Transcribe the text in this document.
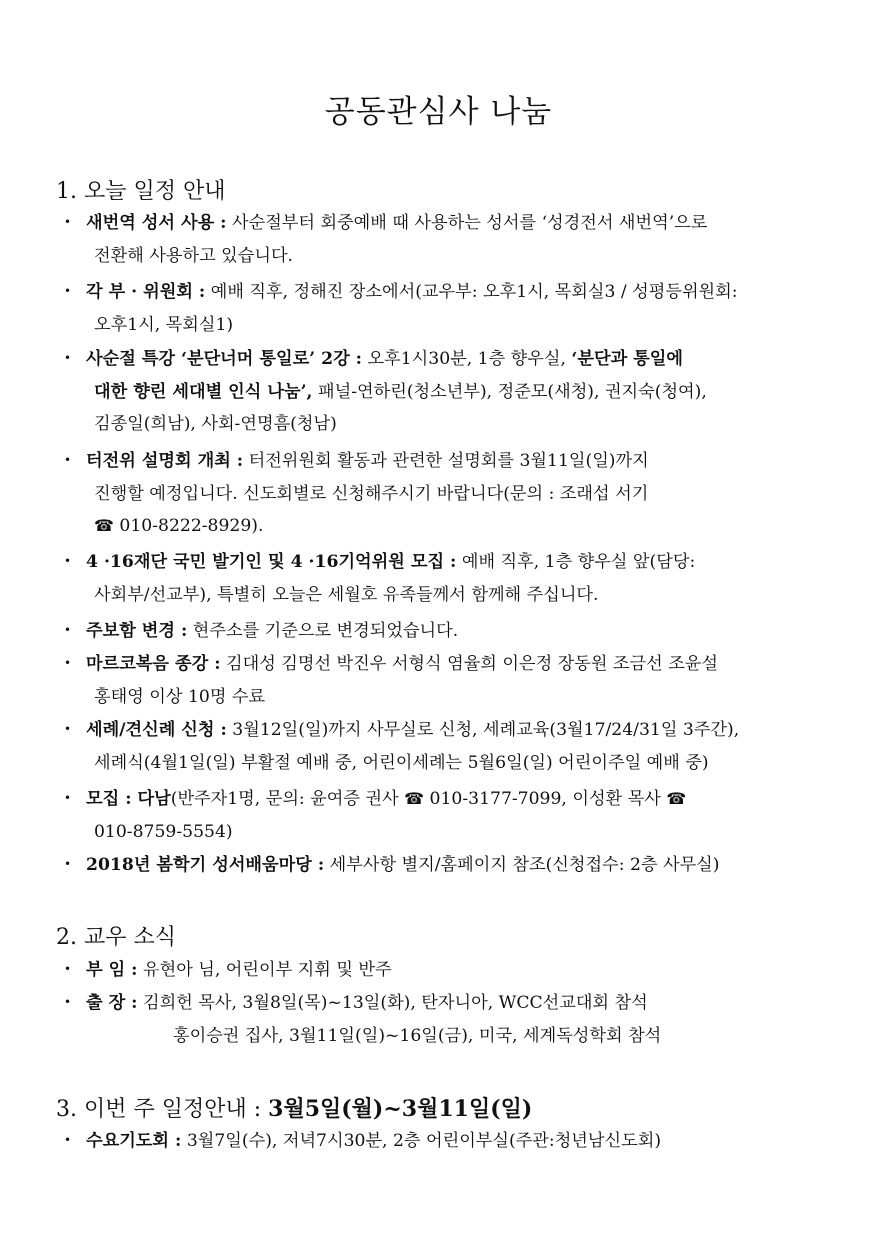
공동관심사 나눔
1. 오늘 일정 안내
• 새번역 성서 사용 : 사순절부터 회중예배 때 사용하는 성서를 ‘성경전서 새번역’으로
전환해 사용하고 있습니다.
• 각 부 · 위원회 : 예배 직후, 정해진 장소에서(교우부: 오후1시, 목회실3 / 성평등위원회:
오후1시, 목회실1)
• 사순절 특강 ‘분단너머 통일로’ 2강 : 오후1시30분, 1층 향우실, ‘분단과 통일에
대한 향린 세대별 인식 나눔’, 패널-연하린(청소년부), 정준모(새청), 권지숙(청여),
김종일(희남), 사회-연명흠(청남)
• 터전위 설명회 개최 : 터전위원회 활동과 관련한 설명회를 3월11일(일)까지
진행할 예정입니다. 신도회별로 신청해주시기 바랍니다(문의 : 조래섭 서기
☎ 010-8222-8929).
• 4 ·16재단 국민 발기인 및 4 ·16기억위원 모집 : 예배 직후, 1층 향우실 앞(담당:
사회부/선교부), 특별히 오늘은 세월호 유족들께서 함께해 주십니다.
• 주보함 변경 : 현주소를 기준으로 변경되었습니다.
• 마르코복음 종강 : 김대성 김명선 박진우 서형식 염율희 이은정 장동원 조금선 조윤설
홍태영 이상 10명 수료
• 세례/견신례 신청 : 3월12일(일)까지 사무실로 신청, 세례교육(3월17/24/31일 3주간),
세례식(4월1일(일) 부활절 예배 중, 어린이세례는 5월6일(일) 어린이주일 예배 중)
• 모집 : 다남(반주자1명, 문의: 윤여증 권사 ☎ 010-3177-7099, 이성환 목사 ☎
010-8759-5554)
• 2018년 봄학기 성서배움마당 : 세부사항 별지/홈페이지 참조(신청접수: 2층 사무실)
2. 교우 소식
• 부 임 : 유현아 님, 어린이부 지휘 및 반주
• 출 장 : 김희헌 목사, 3월8일(목)~13일(화), 탄자니아, WCC선교대회 참석
홍이승권 집사, 3월11일(일)~16일(금), 미국, 세계독성학회 참석
3. 이번 주 일정안내 : 3월5일(월)~3월11일(일)
• 수요기도회 : 3월7일(수), 저녁7시30분, 2층 어린이부실(주관:청년남신도회)
